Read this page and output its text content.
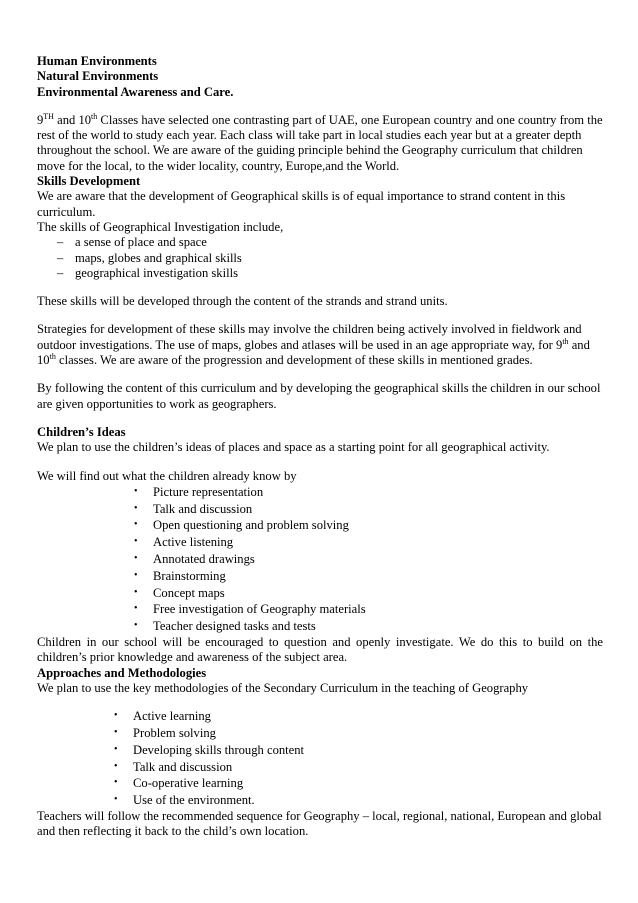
Human Environments

Natural Environments

Environmental Awareness and Care.

9TH and 10th Classes have selected one contrasting part of UAE, one European country and one country from the rest of the world to study each year. Each class will take part in local studies each year but at a greater depth throughout the school. We are aware of the guiding principle behind the Geography curriculum that children move for the local, to the wider locality, country, Europe,and the World.

Skills Development

We are aware that the development of Geographical skills is of equal importance to strand content in this curriculum.

The skills of Geographical Investigation include,

– a sense of place and space
– maps, globes and graphical skills
– geographical investigation skills

These skills will be developed through the content of the strands and strand units.

Strategies for development of these skills may involve the children being actively involved in fieldwork and outdoor investigations. The use of maps, globes and atlases will be used in an age appropriate way, for 9th and 10th classes. We are aware of the progression and development of these skills in mentioned grades.

By following the content of this curriculum and by developing the geographical skills the children in our school are given opportunities to work as geographers.

Children’s Ideas

We plan to use the children’s ideas of places and space as a starting point for all geographical activity.

We will find out what the children already know by

• Picture representation
• Talk and discussion
• Open questioning and problem solving
• Active listening
• Annotated drawings
• Brainstorming
• Concept maps
• Free investigation of Geography materials
• Teacher designed tasks and tests

Children in our school will be encouraged to question and openly investigate. We do this to build on the children’s prior knowledge and awareness of the subject area.

Approaches and Methodologies

We plan to use the key methodologies of the Secondary Curriculum in the teaching of Geography

• Active learning
• Problem solving
• Developing skills through content
• Talk and discussion
• Co-operative learning
• Use of the environment.

Teachers will follow the recommended sequence for Geography – local, regional, national, European and global and then reflecting it back to the child’s own location.
